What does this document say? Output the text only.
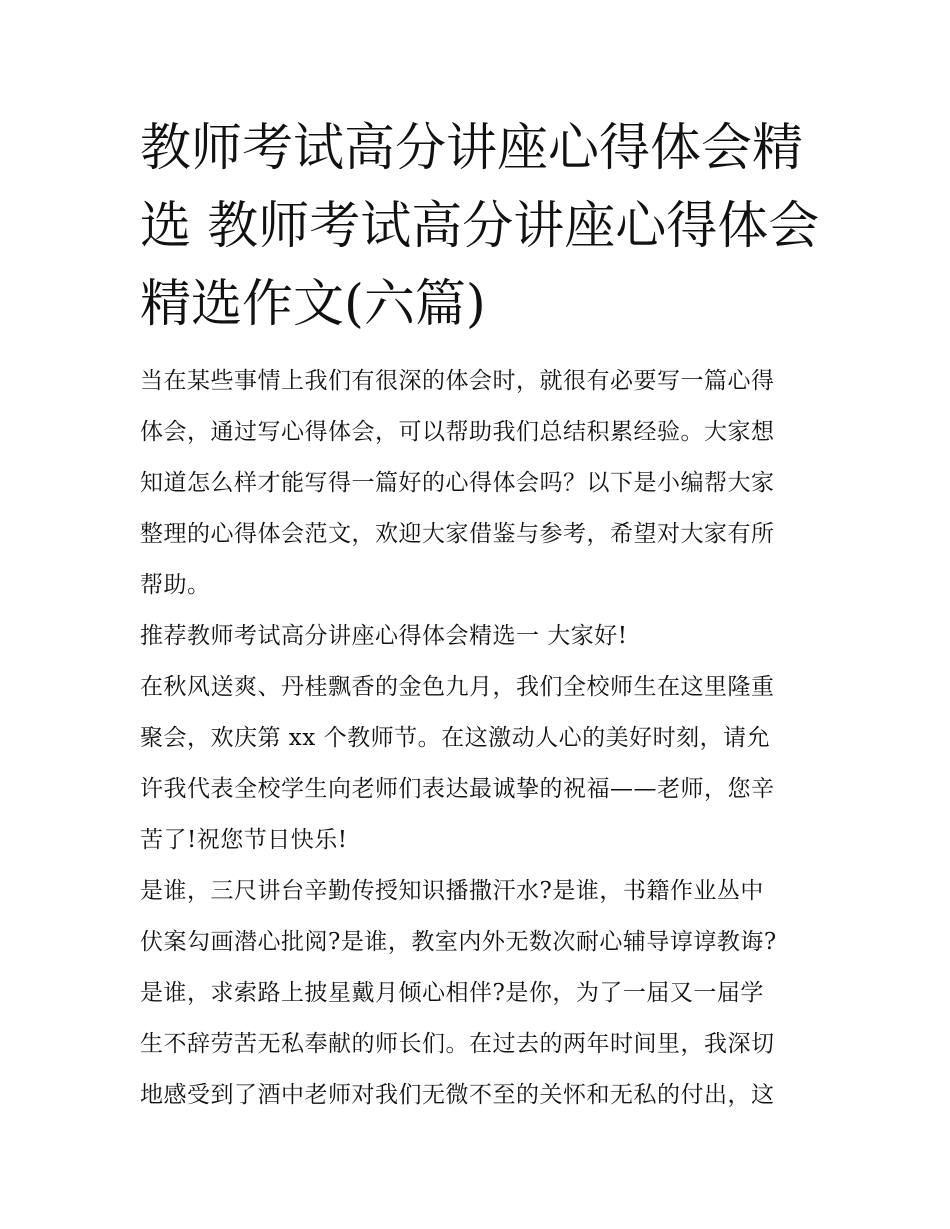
教师考试高分讲座心得体会精
选 教师考试高分讲座心得体会
精选作文(六篇)
当在某些事情上我们有很深的体会时，就很有必要写一篇心得
体会，通过写心得体会，可以帮助我们总结积累经验。大家想
知道怎么样才能写得一篇好的心得体会吗？以下是小编帮大家
整理的心得体会范文，欢迎大家借鉴与参考，希望对大家有所
帮助。
推荐教师考试高分讲座心得体会精选一 大家好!
在秋风送爽、丹桂飘香的金色九月，我们全校师生在这里隆重
聚会，欢庆第 xx 个教师节。在这激动人心的美好时刻，请允
许我代表全校学生向老师们表达最诚挚的祝福——老师，您辛
苦了!祝您节日快乐!
是谁，三尺讲台辛勤传授知识播撒汗水?是谁，书籍作业丛中
伏案勾画潜心批阅?是谁，教室内外无数次耐心辅导谆谆教诲?
是谁，求索路上披星戴月倾心相伴?是你，为了一届又一届学
生不辞劳苦无私奉献的师长们。在过去的两年时间里，我深切
地感受到了酒中老师对我们无微不至的关怀和无私的付出，这
